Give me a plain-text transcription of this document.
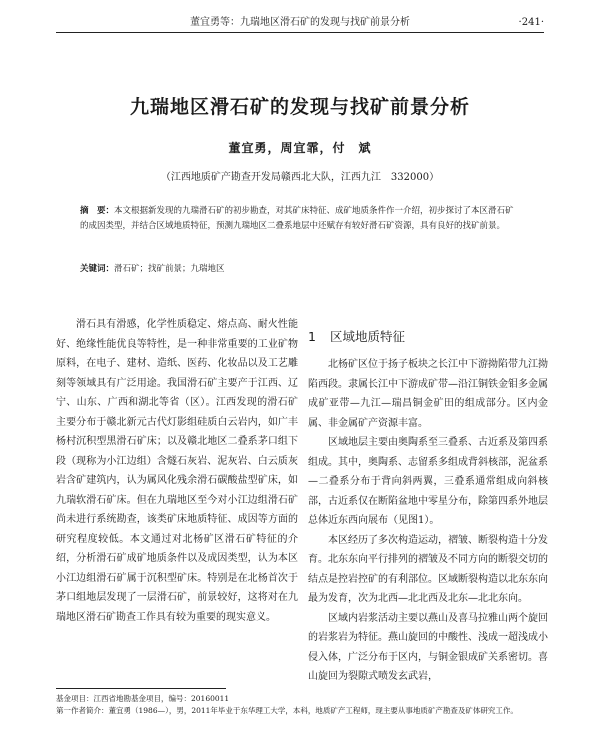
董宜勇等：九瑞地区滑石矿的发现与找矿前景分析	·241·
九瑞地区滑石矿的发现与找矿前景分析
董宜勇，周宜霏，付　斌
（江西地质矿产勘查开发局赣西北大队，江西九江　332000）
摘　要：本文根据新发现的九瑞滑石矿的初步勘查，对其矿床特征、成矿地质条件作一介绍，初步探讨了本区滑石矿的成因类型，并结合区域地质特征，预测九瑞地区二叠系地层中还赋存有较好滑石矿资源，具有良好的找矿前景。
关键词：滑石矿；找矿前景；九瑞地区

滑石具有滑感，化学性质稳定、熔点高、耐火性能好、绝缘性能优良等特性，是一种非常重要的工业矿物原料，在电子、建材、造纸、医药、化妆品以及工艺雕刻等领域具有广泛用途。我国滑石矿主要产于江西、辽宁、山东、广西和湖北等省（区）。江西发现的滑石矿主要分布于赣北新元古代灯影组硅质白云岩内，如广丰杨村沉积型黑滑石矿床；以及赣北地区二叠系茅口组下段（现称为小江边组）含燧石灰岩、泥灰岩、白云质灰岩含矿建筑内，认为属风化残余滑石碳酸盐型矿床，如九瑞软滑石矿床。但在九瑞地区至今对小江边组滑石矿尚未进行系统勘查，该类矿床地质特征、成因等方面的研究程度较低。本文通过对北杨矿区滑石矿特征的介绍，分析滑石矿成矿地质条件以及成因类型，认为本区小江边组滑石矿属于沉积型矿床。特别是在北杨首次于茅口组地层发现了一层滑石矿，前景较好，这将对在九瑞地区滑石矿勘查工作具有较为重要的现实意义。

1 区域地质特征

北杨矿区位于扬子板块之长江中下游拗陷带九江拗陷西段。隶属长江中下游成矿带—沿江铜铁金钼多金属成矿亚带—九江—瑞昌铜金矿田的组成部分。区内金属、非金属矿产资源丰富。

区域地层主要由奥陶系至三叠系、古近系及第四系组成。其中，奥陶系、志留系多组成背斜核部，泥盆系—二叠系分布于背向斜两翼，三叠系通常组成向斜核部，古近系仅在断陷盆地中零星分布，除第四系外地层总体近东西向展布（见图1）。

本区经历了多次构造运动，褶皱、断裂构造十分发育。北东东向平行排列的褶皱及不同方向的断裂交切的结点是控岩控矿的有利部位。区域断裂构造以北东东向最为发育，次为北西—北北西及北东—北北东向。

区域内岩浆活动主要以燕山及喜马拉雅山两个旋回的岩浆岩为特征。燕山旋回的中酸性、浅成一超浅成小侵入体，广泛分布于区内，与铜金银成矿关系密切。喜山旋回为裂隙式喷发玄武岩，

基金项目：江西省地勘基金项目，编号：20160011
第一作者简介：董宜勇（1986—），男，2011年毕业于东华理工大学，本科，地质矿产工程师，现主要从事地质矿产勘查及矿体研究工作。
